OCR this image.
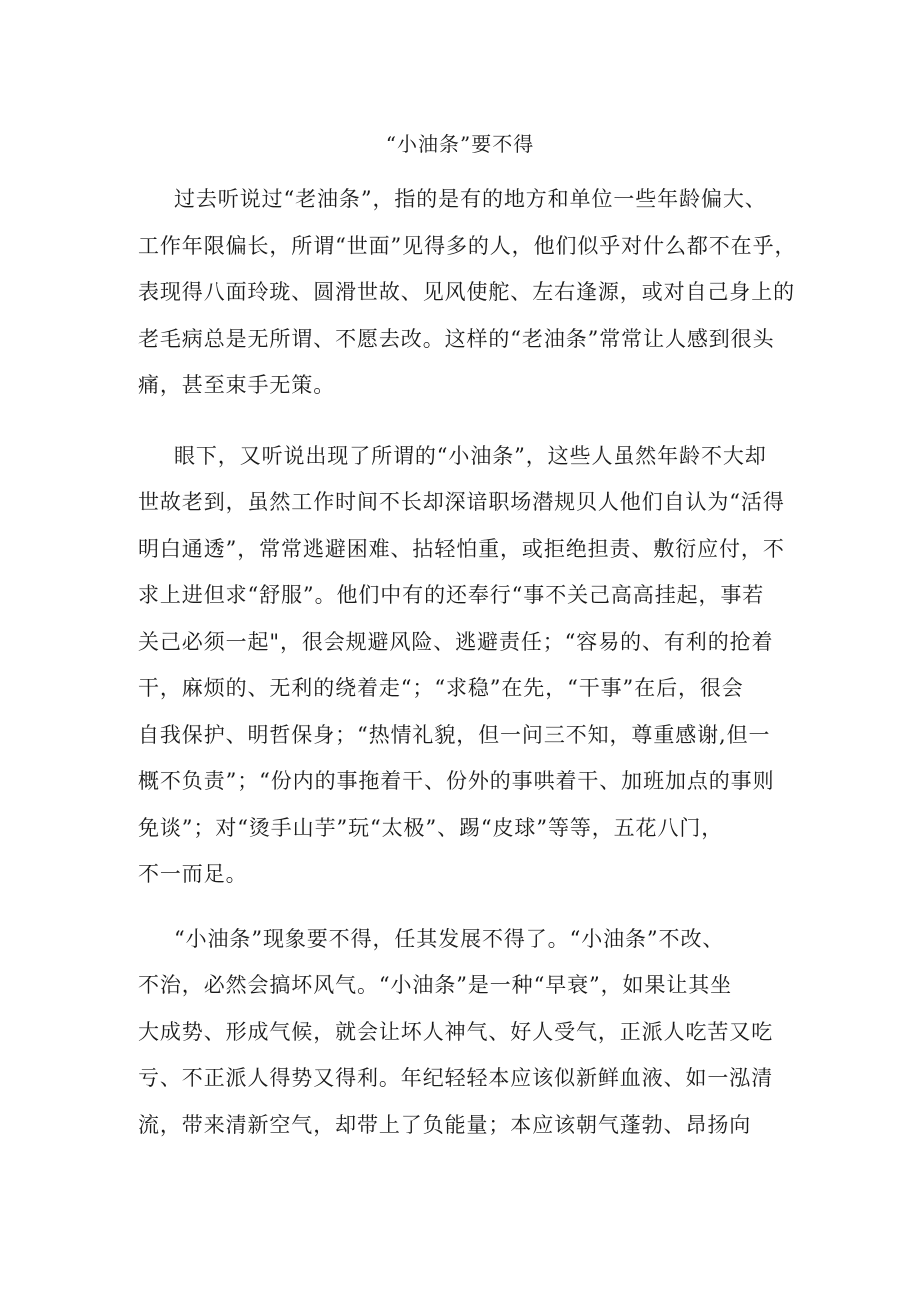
“小油条”要不得

过去听说过“老油条”，指的是有的地方和单位一些年龄偏大、
工作年限偏长，所谓“世面”见得多的人，他们似乎对什么都不在乎，
表现得八面玲珑、圆滑世故、见风使舵、左右逢源，或对自己身上的
老毛病总是无所谓、不愿去改。这样的“老油条”常常让人感到很头
痛，甚至束手无策。

眼下，又听说出现了所谓的“小油条”，这些人虽然年龄不大却
世故老到，虽然工作时间不长却深谙职场潜规贝人他们自认为“活得
明白通透”，常常逃避困难、拈轻怕重，或拒绝担责、敷衍应付，不
求上进但求“舒服”。他们中有的还奉行“事不关己高高挂起，事若
关己必须一起"，很会规避风险、逃避责任；“容易的、有利的抢着
干，麻烦的、无利的绕着走“；“求稳”在先，“干事”在后，很会
自我保护、明哲保身；“热情礼貌，但一问三不知，尊重感谢,但一
概不负责”；“份内的事拖着干、份外的事哄着干、加班加点的事则
免谈”；对“烫手山芋”玩“太极”、踢“皮球”等等，五花八门，
不一而足。

“小油条”现象要不得，任其发展不得了。“小油条”不改、
不治，必然会搞坏风气。“小油条”是一种“早衰”，如果让其坐
大成势、形成气候，就会让坏人神气、好人受气，正派人吃苦又吃
亏、不正派人得势又得利。年纪轻轻本应该似新鲜血液、如一泓清
流，带来清新空气，却带上了负能量；本应该朝气蓬勃、昂扬向
